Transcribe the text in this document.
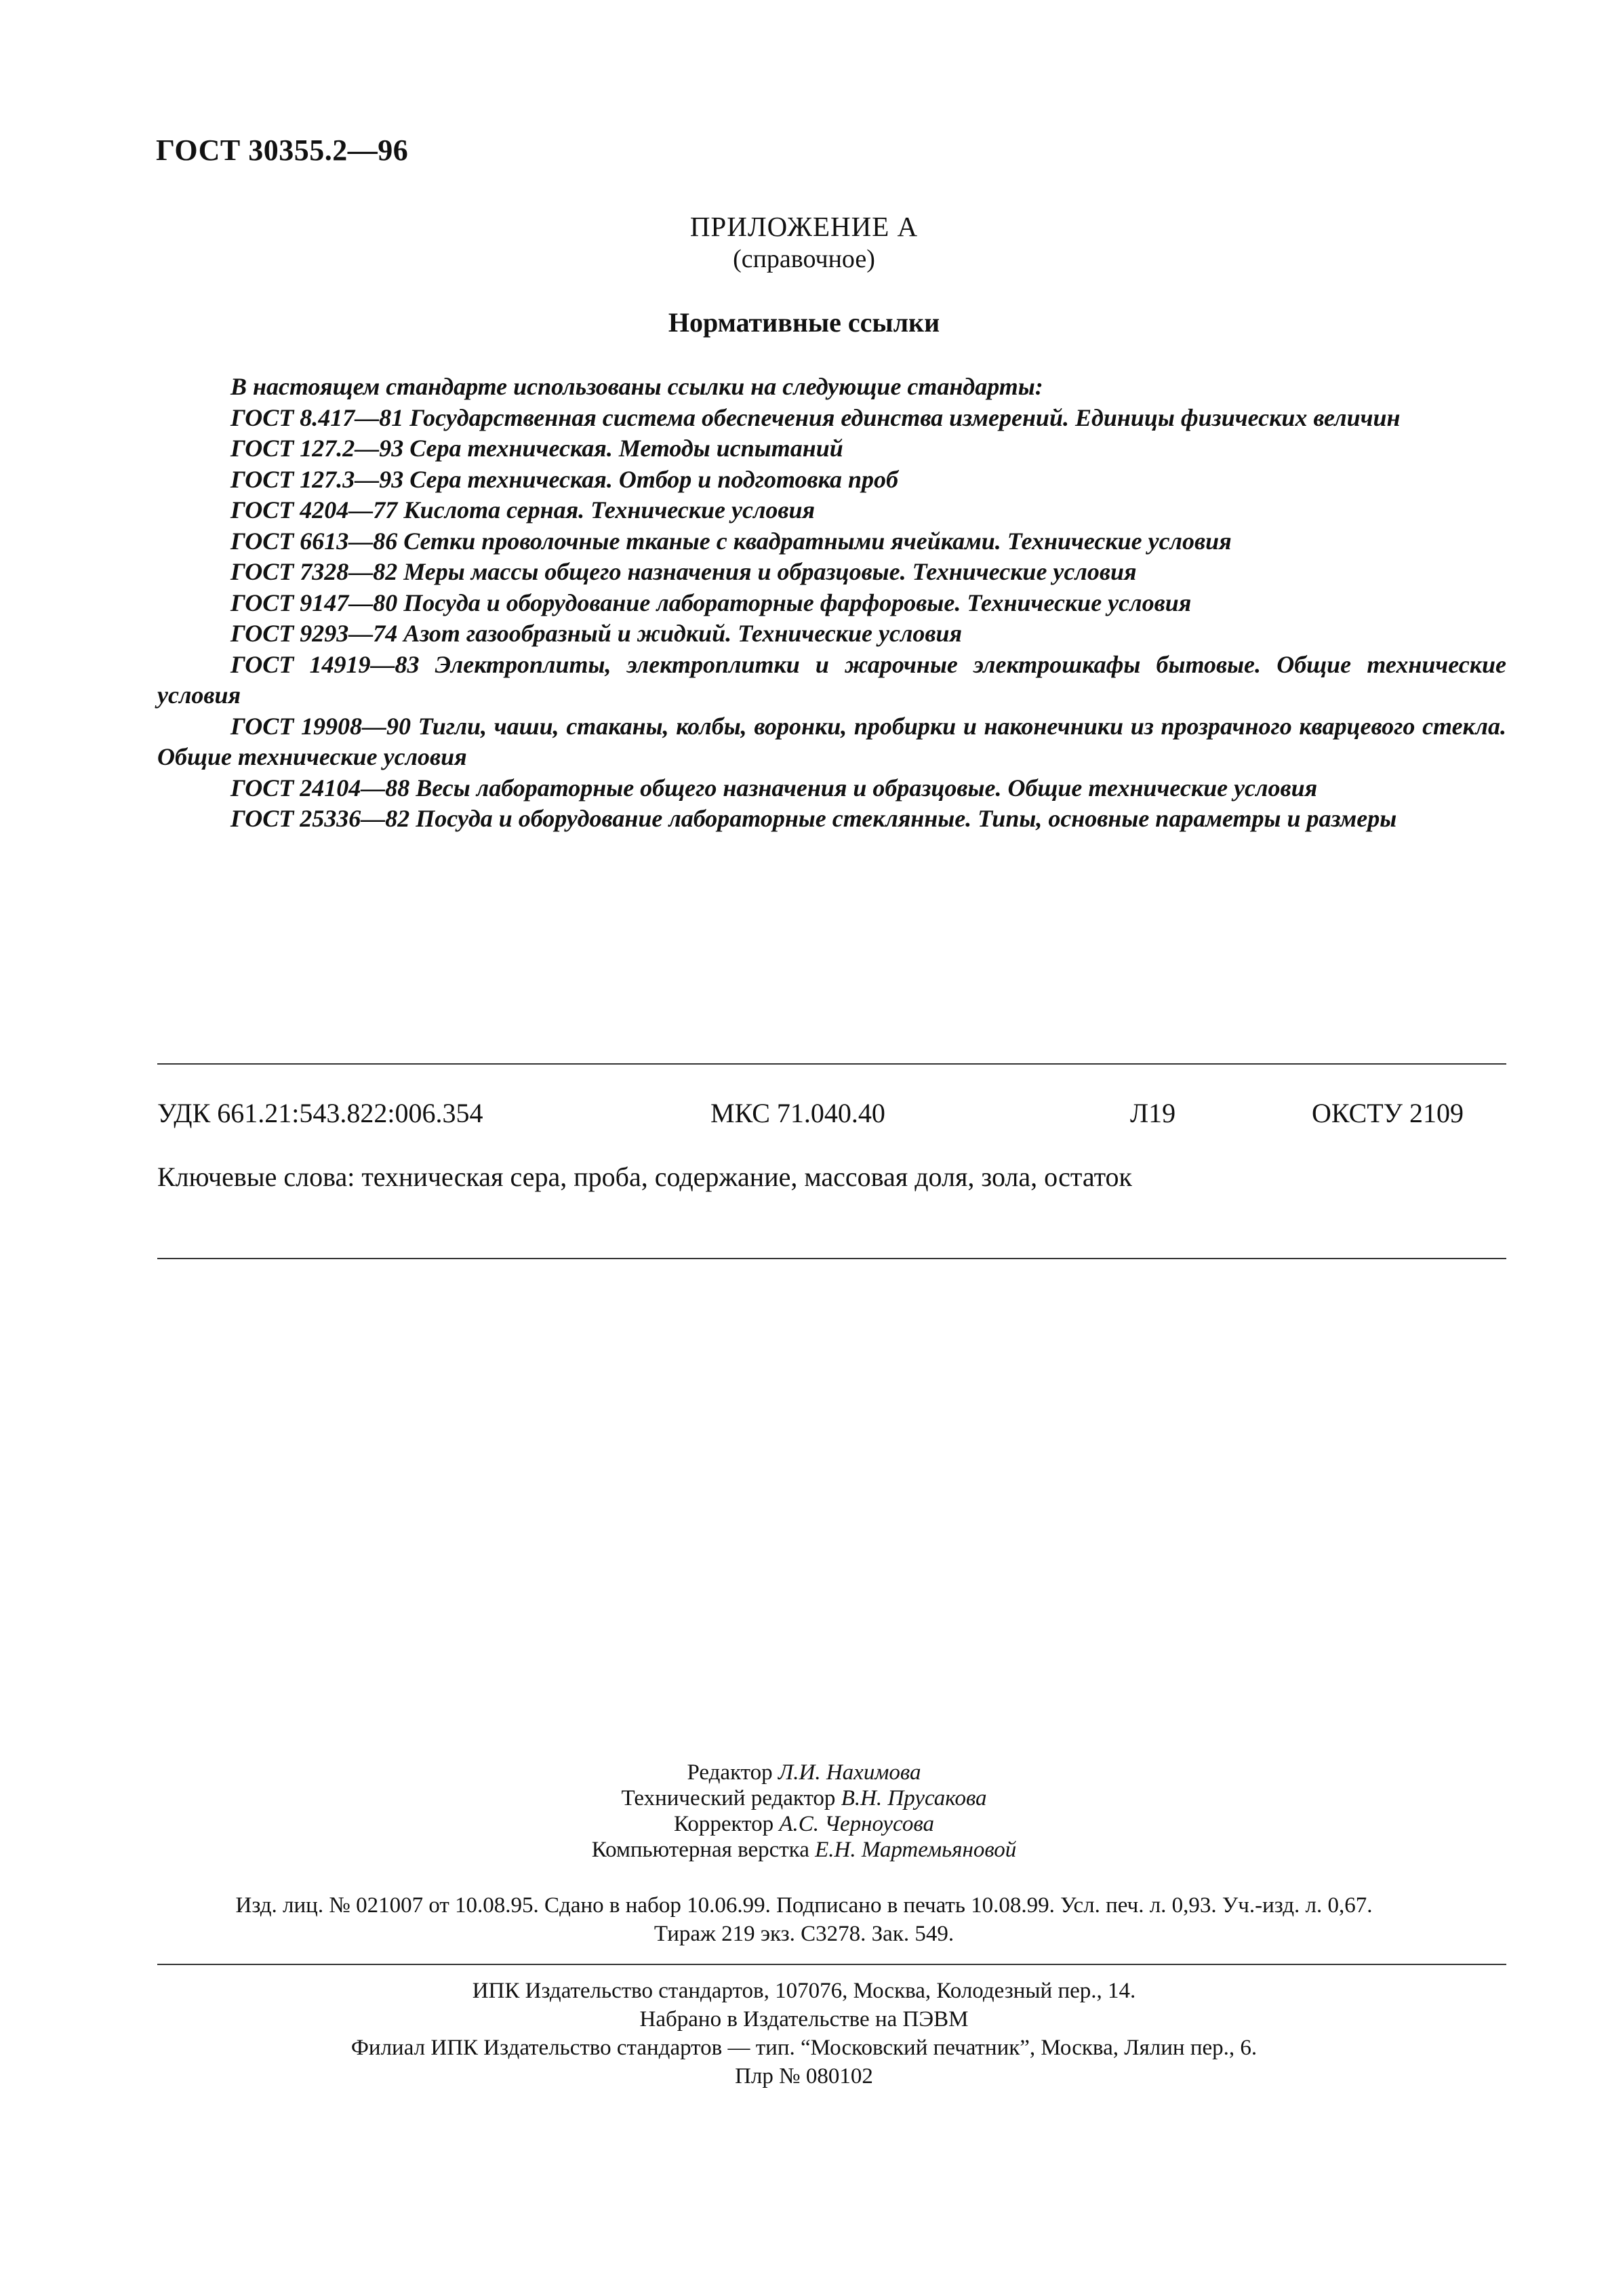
ГОСТ 30355.2—96
ПРИЛОЖЕНИЕ А
(справочное)
Нормативные ссылки

В настоящем стандарте использованы ссылки на следующие стандарты:

ГОСТ 8.417—81 Государственная система обеспечения единства измерений. Единицы физических величин

ГОСТ 127.2—93 Сера техническая. Методы испытаний

ГОСТ 127.3—93 Сера техническая. Отбор и подготовка проб

ГОСТ 4204—77 Кислота серная. Технические условия

ГОСТ 6613—86 Сетки проволочные тканые с квадратными ячейками. Технические условия

ГОСТ 7328—82 Меры массы общего назначения и образцовые. Технические условия

ГОСТ 9147—80 Посуда и оборудование лабораторные фарфоровые. Технические условия

ГОСТ 9293—74 Азот газообразный и жидкий. Технические условия

ГОСТ 14919—83 Электроплиты, электроплитки и жарочные электрошкафы бытовые. Общие технические условия

ГОСТ 19908—90 Тигли, чаши, стаканы, колбы, воронки, пробирки и наконечники из прозрачного кварцевого стекла. Общие технические условия

ГОСТ 24104—88 Весы лабораторные общего назначения и образцовые. Общие технические условия

ГОСТ 25336—82 Посуда и оборудование лабораторные стеклянные. Типы, основные параметры и размеры

УДК 661.21:543.822:006.354	МКС 71.040.40	Л19	ОКСТУ 2109
Ключевые слова: техническая сера, проба, содержание, массовая доля, зола, остаток
Редактор Л.И. Нахимова
Технический редактор В.Н. Прусакова
Корректор А.С. Черноусова
Компьютерная верстка Е.Н. Мартемьяновой
Изд. лиц. № 021007 от 10.08.95. Сдано в набор 10.06.99. Подписано в печать 10.08.99. Усл. печ. л. 0,93. Уч.-изд. л. 0,67.
Тираж 219 экз. С3278. Зак. 549.
ИПК Издательство стандартов, 107076, Москва, Колодезный пер., 14.
Набрано в Издательстве на ПЭВМ
Филиал ИПК Издательство стандартов — тип. “Московский печатник”, Москва, Лялин пер., 6.
Плр № 080102
